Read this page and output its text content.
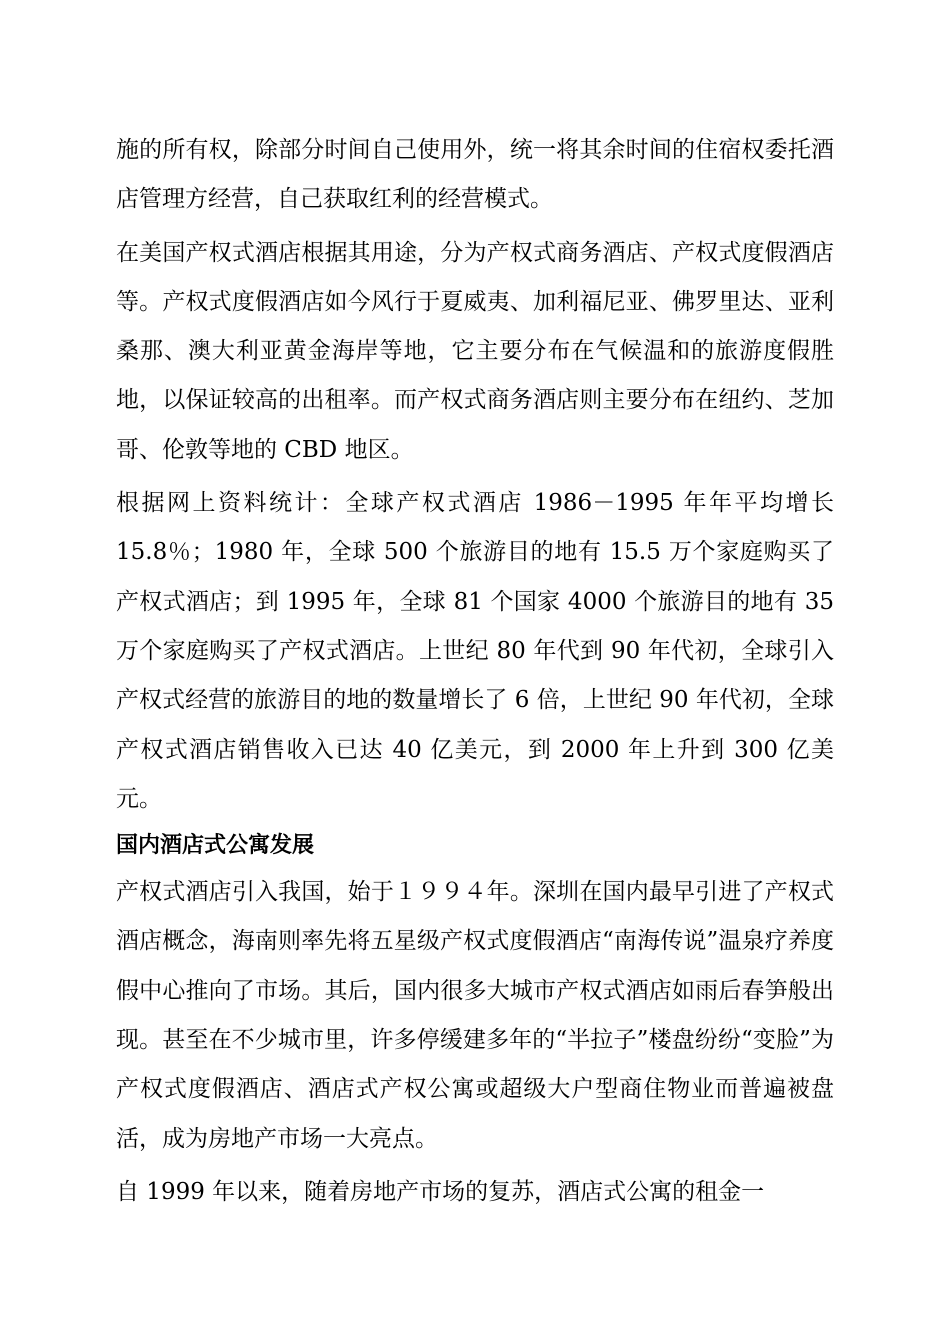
施的所有权，除部分时间自己使用外，统一将其余时间的住宿权委托酒店管理方经营，自己获取红利的经营模式。

在美国产权式酒店根据其用途，分为产权式商务酒店、产权式度假酒店等。产权式度假酒店如今风行于夏威夷、加利福尼亚、佛罗里达、亚利桑那、澳大利亚黄金海岸等地，它主要分布在气候温和的旅游度假胜地，以保证较高的出租率。而产权式商务酒店则主要分布在纽约、芝加哥、伦敦等地的 CBD 地区。

根据网上资料统计：全球产权式酒店 1986－1995 年年平均增长 15.8％；1980 年，全球 500 个旅游目的地有 15.5 万个家庭购买了产权式酒店；到 1995 年，全球 81 个国家 4000 个旅游目的地有 35 万个家庭购买了产权式酒店。上世纪 80 年代到 90 年代初，全球引入产权式经营的旅游目的地的数量增长了 6 倍，上世纪 90 年代初，全球产权式酒店销售收入已达 40 亿美元，到 2000 年上升到 300 亿美元。

国内酒店式公寓发展

产权式酒店引入我国，始于１９９４年。深圳在国内最早引进了产权式酒店概念，海南则率先将五星级产权式度假酒店“南海传说”温泉疗养度假中心推向了市场。其后，国内很多大城市产权式酒店如雨后春笋般出现。甚至在不少城市里，许多停缓建多年的“半拉子”楼盘纷纷“变脸”为产权式度假酒店、酒店式产权公寓或超级大户型商住物业而普遍被盘活，成为房地产市场一大亮点。

自 1999 年以来，随着房地产市场的复苏，酒店式公寓的租金一
